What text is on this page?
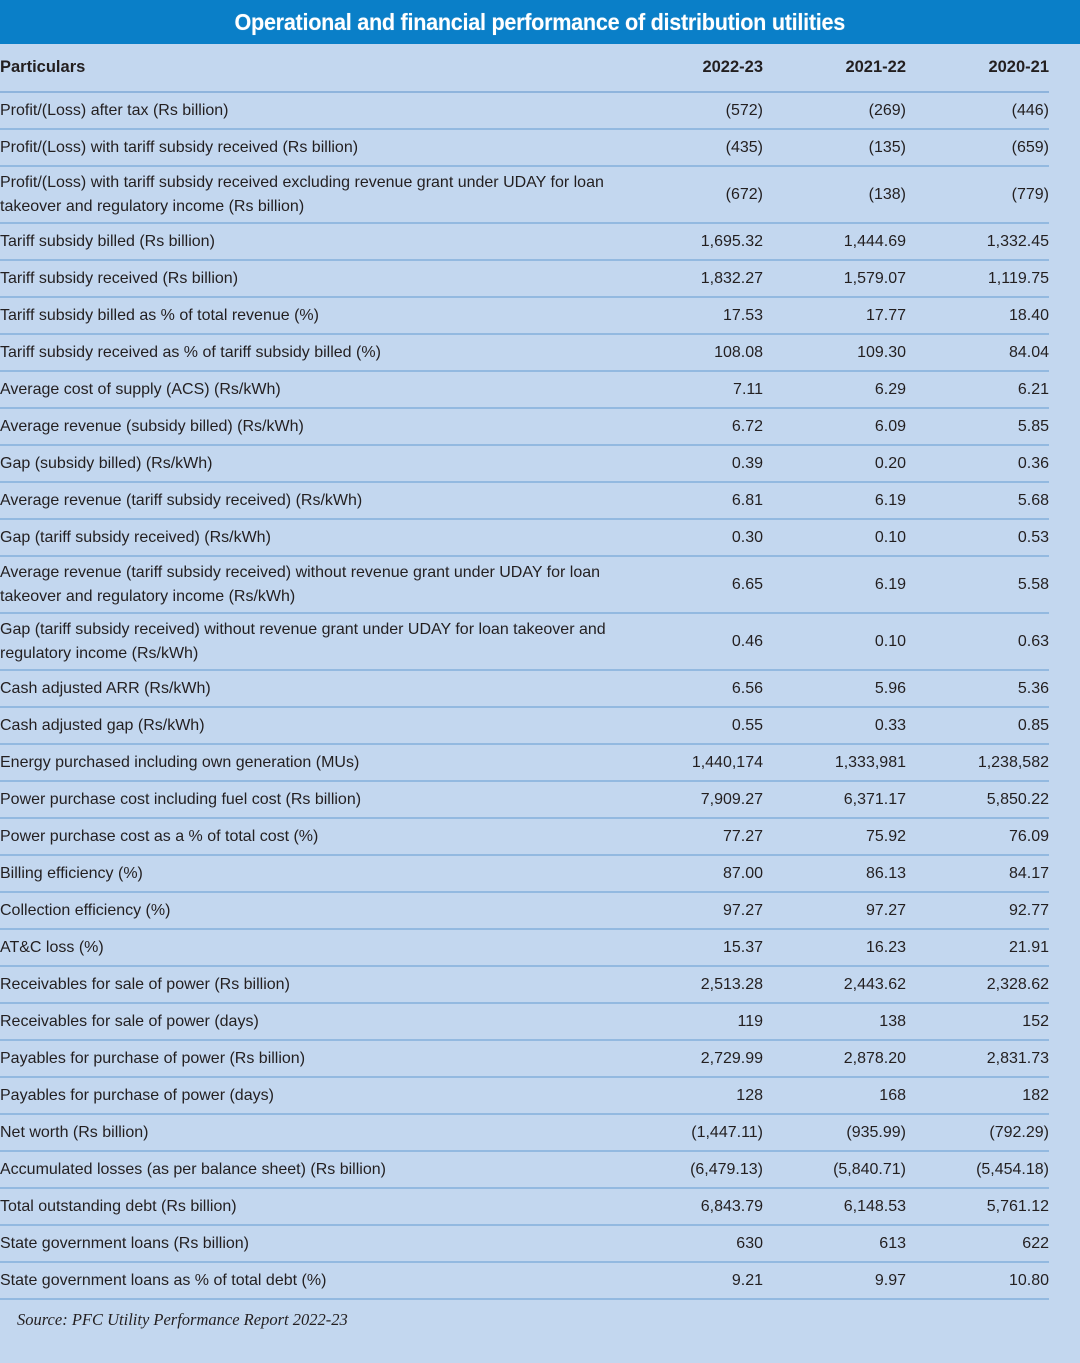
Operational and financial performance of distribution utilities
Particulars	2022-23	2021-22	2020-21	
Profit/(Loss) after tax (Rs billion)	(572)	(269)	(446)	
Profit/(Loss) with tariff subsidy received (Rs billion)	(435)	(135)	(659)	
Profit/(Loss) with tariff subsidy received excluding revenue grant under UDAY for loan takeover and regulatory income (Rs billion)	(672)	(138)	(779)	
Tariff subsidy billed (Rs billion)	1,695.32	1,444.69	1,332.45	
Tariff subsidy received (Rs billion)	1,832.27	1,579.07	1,119.75	
Tariff subsidy billed as % of total revenue (%)	17.53	17.77	18.40	
Tariff subsidy received as % of tariff subsidy billed (%)	108.08	109.30	84.04	
Average cost of supply (ACS) (Rs/kWh)	7.11	6.29	6.21	
Average revenue (subsidy billed) (Rs/kWh)	6.72	6.09	5.85	
Gap (subsidy billed) (Rs/kWh)	0.39	0.20	0.36	
Average revenue (tariff subsidy received) (Rs/kWh)	6.81	6.19	5.68	
Gap (tariff subsidy received) (Rs/kWh)	0.30	0.10	0.53	
Average revenue (tariff subsidy received) without revenue grant under UDAY for loan takeover and regulatory income (Rs/kWh)	6.65	6.19	5.58	
Gap (tariff subsidy received) without revenue grant under UDAY for loan takeover and regulatory income (Rs/kWh)	0.46	0.10	0.63	
Cash adjusted ARR (Rs/kWh)	6.56	5.96	5.36	
Cash adjusted gap (Rs/kWh)	0.55	0.33	0.85	
Energy purchased including own generation (MUs)	1,440,174	1,333,981	1,238,582	
Power purchase cost including fuel cost (Rs billion)	7,909.27	6,371.17	5,850.22	
Power purchase cost as a % of total cost (%)	77.27	75.92	76.09	
Billing efficiency (%)	87.00	86.13	84.17	
Collection efficiency (%)	97.27	97.27	92.77	
AT&C loss (%)	15.37	16.23	21.91	
Receivables for sale of power (Rs billion)	2,513.28	2,443.62	2,328.62	
Receivables for sale of power (days)	119	138	152	
Payables for purchase of power (Rs billion)	2,729.99	2,878.20	2,831.73	
Payables for purchase of power (days)	128	168	182	
Net worth (Rs billion)	(1,447.11)	(935.99)	(792.29)	
Accumulated losses (as per balance sheet) (Rs billion)	(6,479.13)	(5,840.71)	(5,454.18)	
Total outstanding debt (Rs billion)	6,843.79	6,148.53	5,761.12	
State government loans (Rs billion)	630	613	622	
State government loans as % of total debt (%)	9.21	9.97	10.80	
Source: PFC Utility Performance Report 2022-23
